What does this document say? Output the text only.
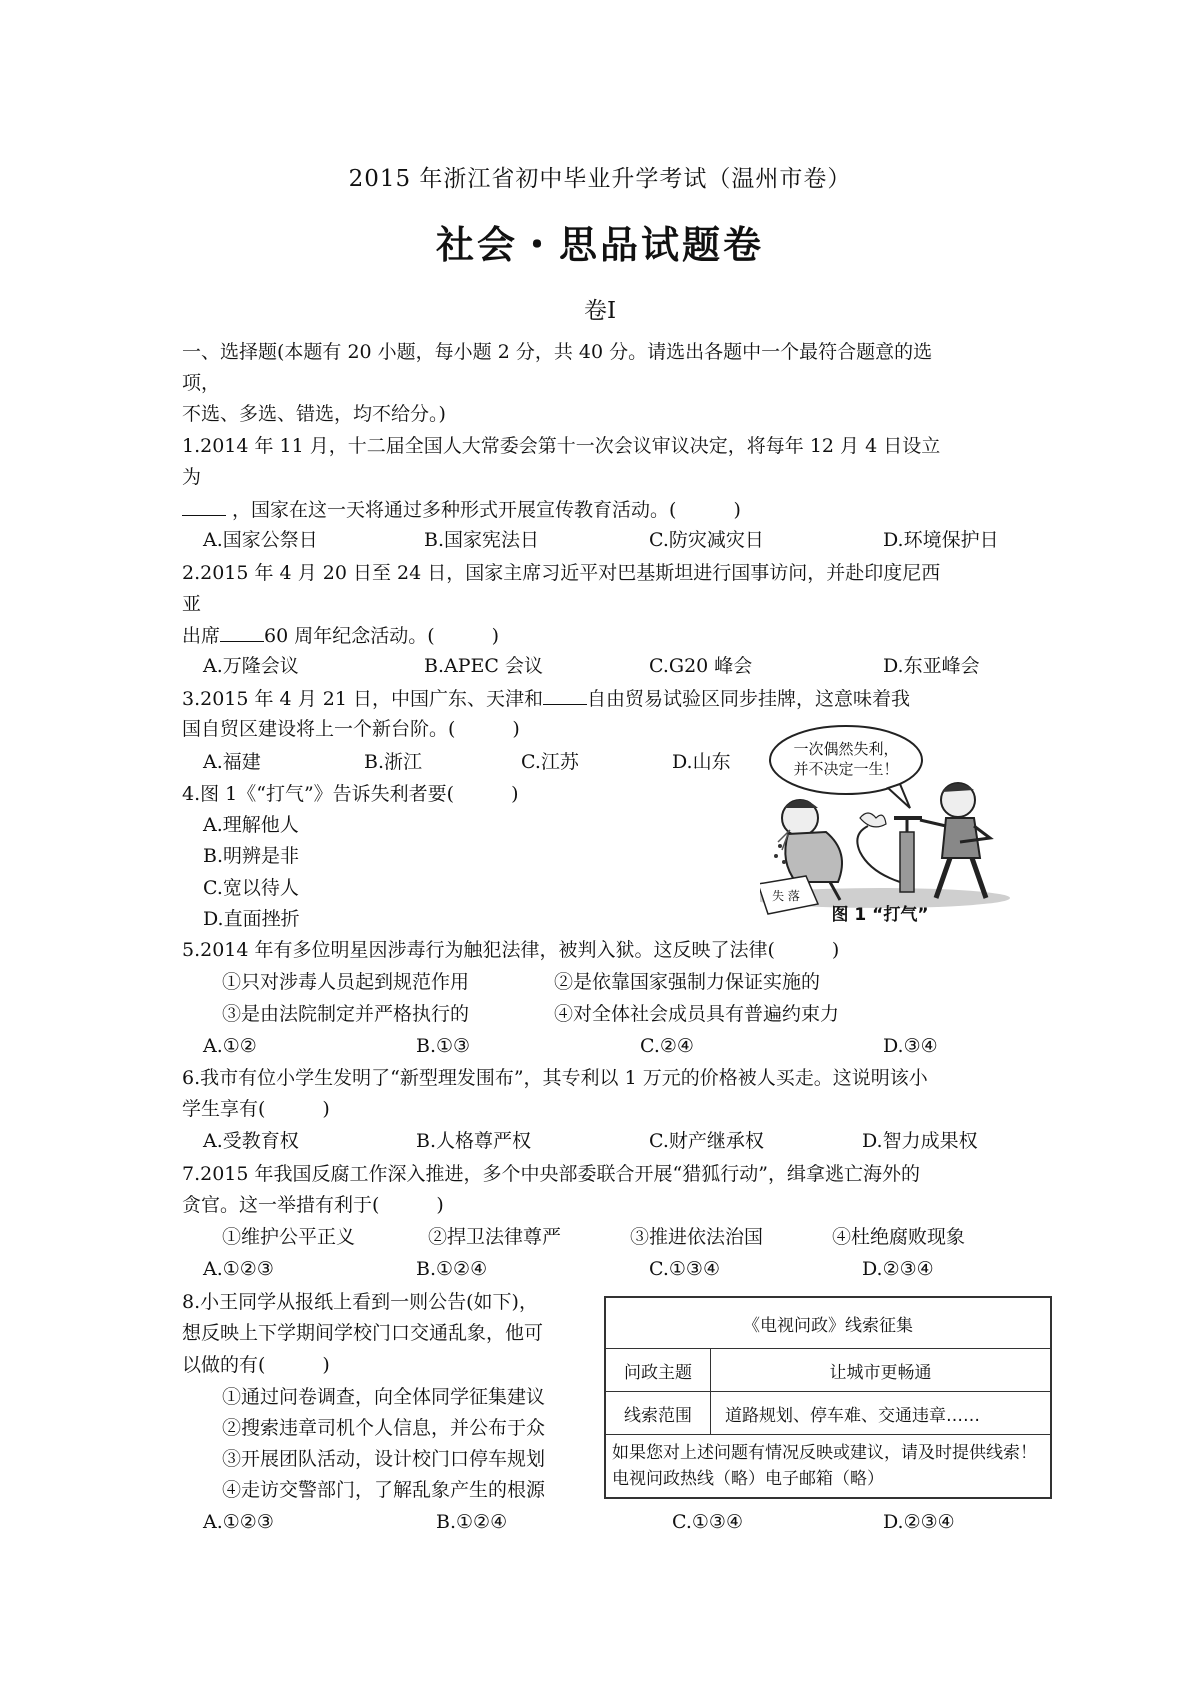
2015 年浙江省初中毕业升学考试（温州市卷）
社会・思品试题卷
卷Ⅰ
一、选择题(本题有 20 小题，每小题 2 分，共 40 分。请选出各题中一个最符合题意的选
项，
不选、多选、错选，均不给分。)
1.2014 年 11 月，十二届全国人大常委会第十一次会议审议决定，将每年 12 月 4 日设立
为
，国家在这一天将通过多种形式开展宣传教育活动。(　　　)
A.国家公祭日	B.国家宪法日	C.防灾减灾日	D.环境保护日
2.2015 年 4 月 20 日至 24 日，国家主席习近平对巴基斯坦进行国事访问，并赴印度尼西
亚
出席 60 周年纪念活动。(　　　)
A.万隆会议	B.APEC 会议	C.G20 峰会	D.东亚峰会
3.2015 年 4 月 21 日，中国广东、天津和 自由贸易试验区同步挂牌，这意味着我
国自贸区建设将上一个新台阶。(　　　)
A.福建	B.浙江	C.江苏	D.山东
4.图 1《“打气”》告诉失利者要(　　　)
A.理解他人
B.明辨是非
C.宽以待人
D.直面挫折
一次偶然失利，
并不决定一生！
失 落
图 1 “打气”
5.2014 年有多位明星因涉毒行为触犯法律，被判入狱。这反映了法律(　　　)
①只对涉毒人员起到规范作用	②是依靠国家强制力保证实施的
③是由法院制定并严格执行的	④对全体社会成员具有普遍约束力
A.①②	B.①③	C.②④	D.③④
6.我市有位小学生发明了“新型理发围布”，其专利以 1 万元的价格被人买走。这说明该小
学生享有(　　　)
A.受教育权	B.人格尊严权	C.财产继承权	D.智力成果权
7.2015 年我国反腐工作深入推进，多个中央部委联合开展“猎狐行动”，缉拿逃亡海外的
贪官。这一举措有利于(　　　)
①维护公平正义	②捍卫法律尊严	③推进依法治国	④杜绝腐败现象
A.①②③	B.①②④	C.①③④	D.②③④
8.小王同学从报纸上看到一则公告(如下)，
想反映上下学期间学校门口交通乱象，他可
以做的有(　　　)
①通过问卷调查，向全体同学征集建议
②搜索违章司机个人信息，并公布于众
③开展团队活动，设计校门口停车规划
④走访交警部门，了解乱象产生的根源
A.①②③	B.①②④	C.①③④	D.②③④
《电视问政》线索征集	
问政主题	让城市更畅通
线索范围	道路规划、停车难、交通违章……
如果您对上述问题有情况反映或建议，请及时提供线索！电视问政热线（略）电子邮箱（略）	
